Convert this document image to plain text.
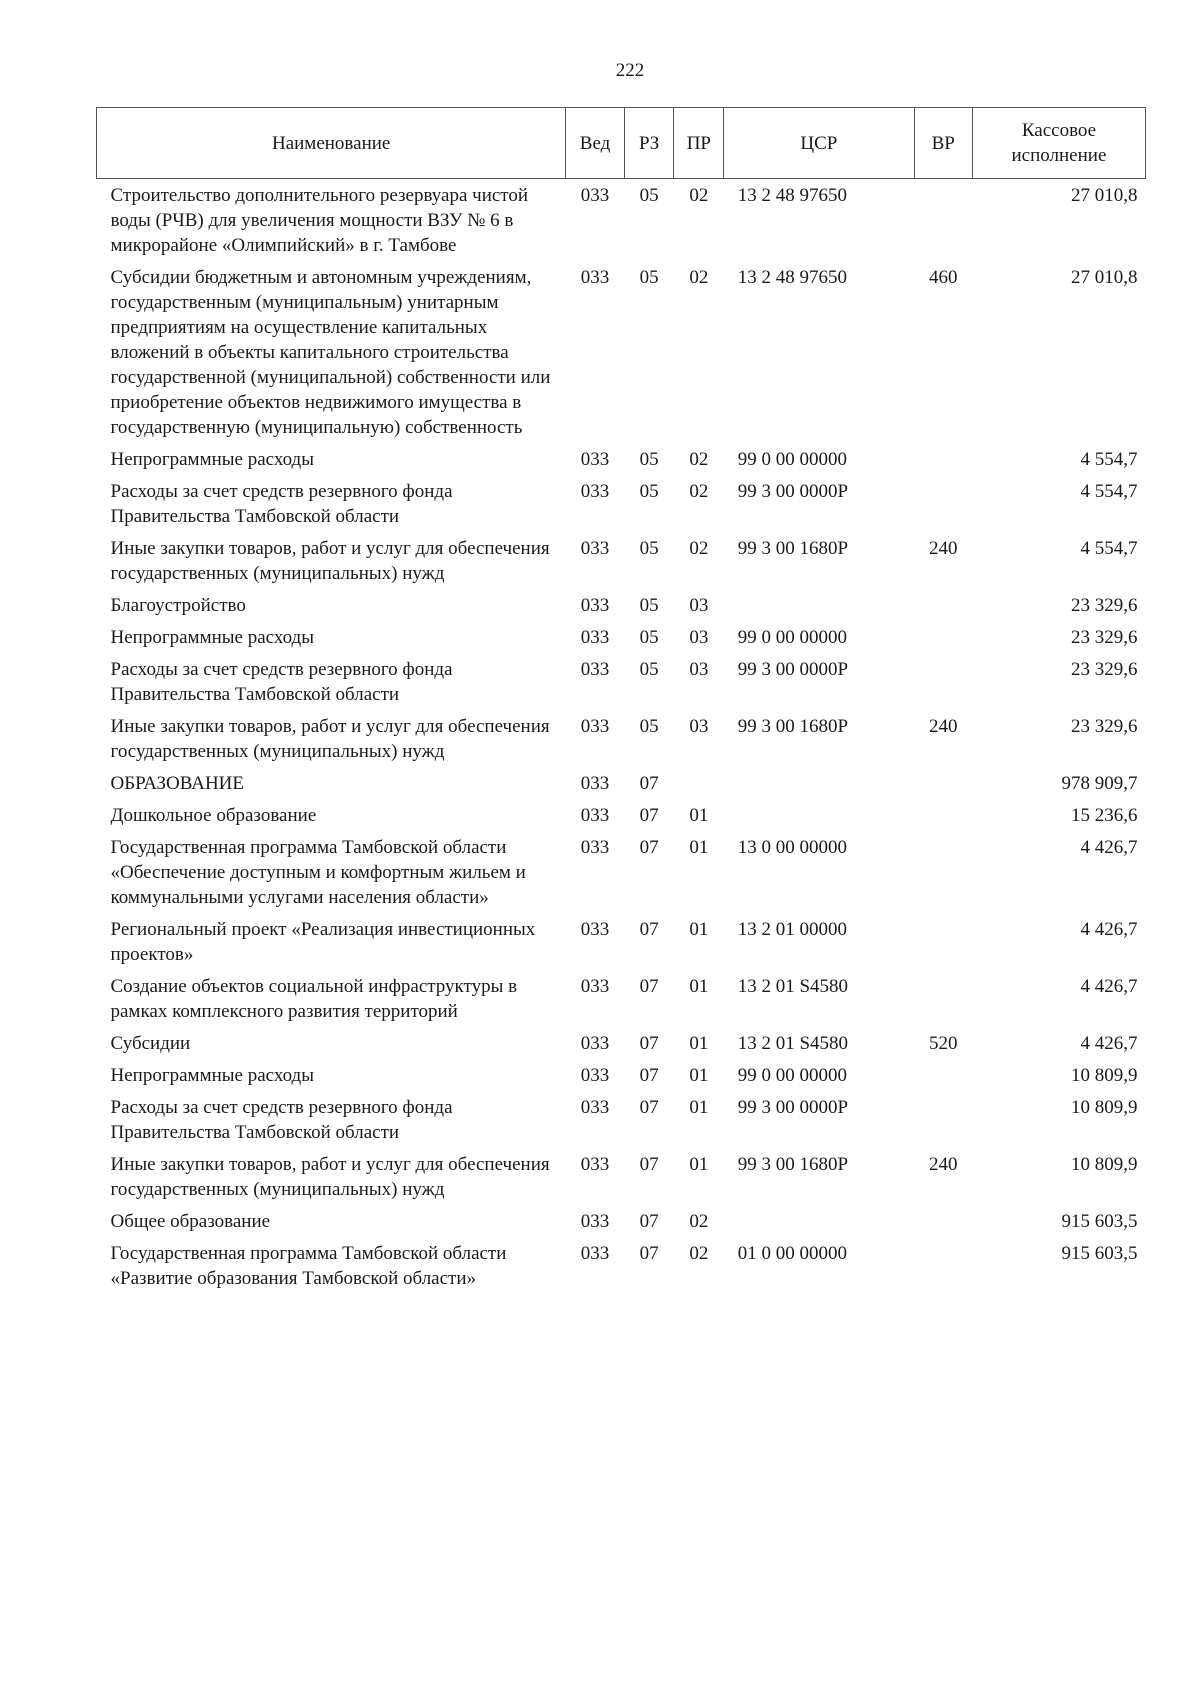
222
Наименование	Вед	РЗ	ПР	ЦСР	ВР	Кассовое исполнение
Строительство дополнительного резервуара чистой воды (РЧВ) для увеличения мощности ВЗУ № 6 в микрорайоне «Олимпийский» в г. Тамбове	033	05	02	13 2 48 97650		27 010,8
Субсидии бюджетным и автономным учреждениям, государственным (муниципальным) унитарным предприятиям на осуществление капитальных вложений в объекты капитального строительства государственной (муниципальной) собственности или приобретение объектов недвижимого имущества в государственную (муниципальную) собственность	033	05	02	13 2 48 97650	460	27 010,8
Непрограммные расходы	033	05	02	99 0 00 00000		4 554,7
Расходы за счет средств резервного фонда Правительства Тамбовской области	033	05	02	99 3 00 0000P		4 554,7
Иные закупки товаров, работ и услуг для обеспечения государственных (муниципальных) нужд	033	05	02	99 3 00 1680P	240	4 554,7
Благоустройство	033	05	03			23 329,6
Непрограммные расходы	033	05	03	99 0 00 00000		23 329,6
Расходы за счет средств резервного фонда Правительства Тамбовской области	033	05	03	99 3 00 0000P		23 329,6
Иные закупки товаров, работ и услуг для обеспечения государственных (муниципальных) нужд	033	05	03	99 3 00 1680P	240	23 329,6
ОБРАЗОВАНИЕ	033	07				978 909,7
Дошкольное образование	033	07	01			15 236,6
Государственная программа Тамбовской области «Обеспечение доступным и комфортным жильем и коммунальными услугами населения области»	033	07	01	13 0 00 00000		4 426,7
Региональный проект «Реализация инвестиционных проектов»	033	07	01	13 2 01 00000		4 426,7
Создание объектов социальной инфраструктуры в рамках комплексного развития территорий	033	07	01	13 2 01 S4580		4 426,7
Субсидии	033	07	01	13 2 01 S4580	520	4 426,7
Непрограммные расходы	033	07	01	99 0 00 00000		10 809,9
Расходы за счет средств резервного фонда Правительства Тамбовской области	033	07	01	99 3 00 0000P		10 809,9
Иные закупки товаров, работ и услуг для обеспечения государственных (муниципальных) нужд	033	07	01	99 3 00 1680P	240	10 809,9
Общее образование	033	07	02			915 603,5
Государственная программа Тамбовской области «Развитие образования Тамбовской области»	033	07	02	01 0 00 00000		915 603,5
